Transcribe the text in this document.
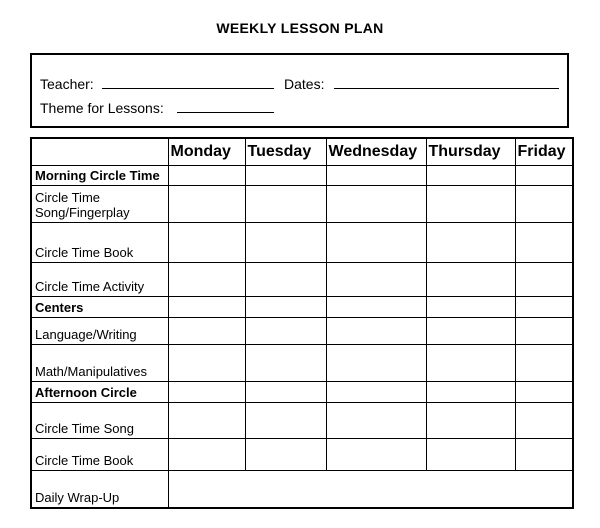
WEEKLY LESSON PLAN
Teacher:	Dates:
Theme for Lessons:
	Monday	Tuesday	Wednesday	Thursday	Friday
Morning Circle Time					
Circle Time Song/Fingerplay					
Circle Time Book					
Circle Time Activity					
Centers					
Language/Writing					
Math/Manipulatives					
Afternoon Circle					
Circle Time Song					
Circle Time Book					
Daily Wrap-Up					
